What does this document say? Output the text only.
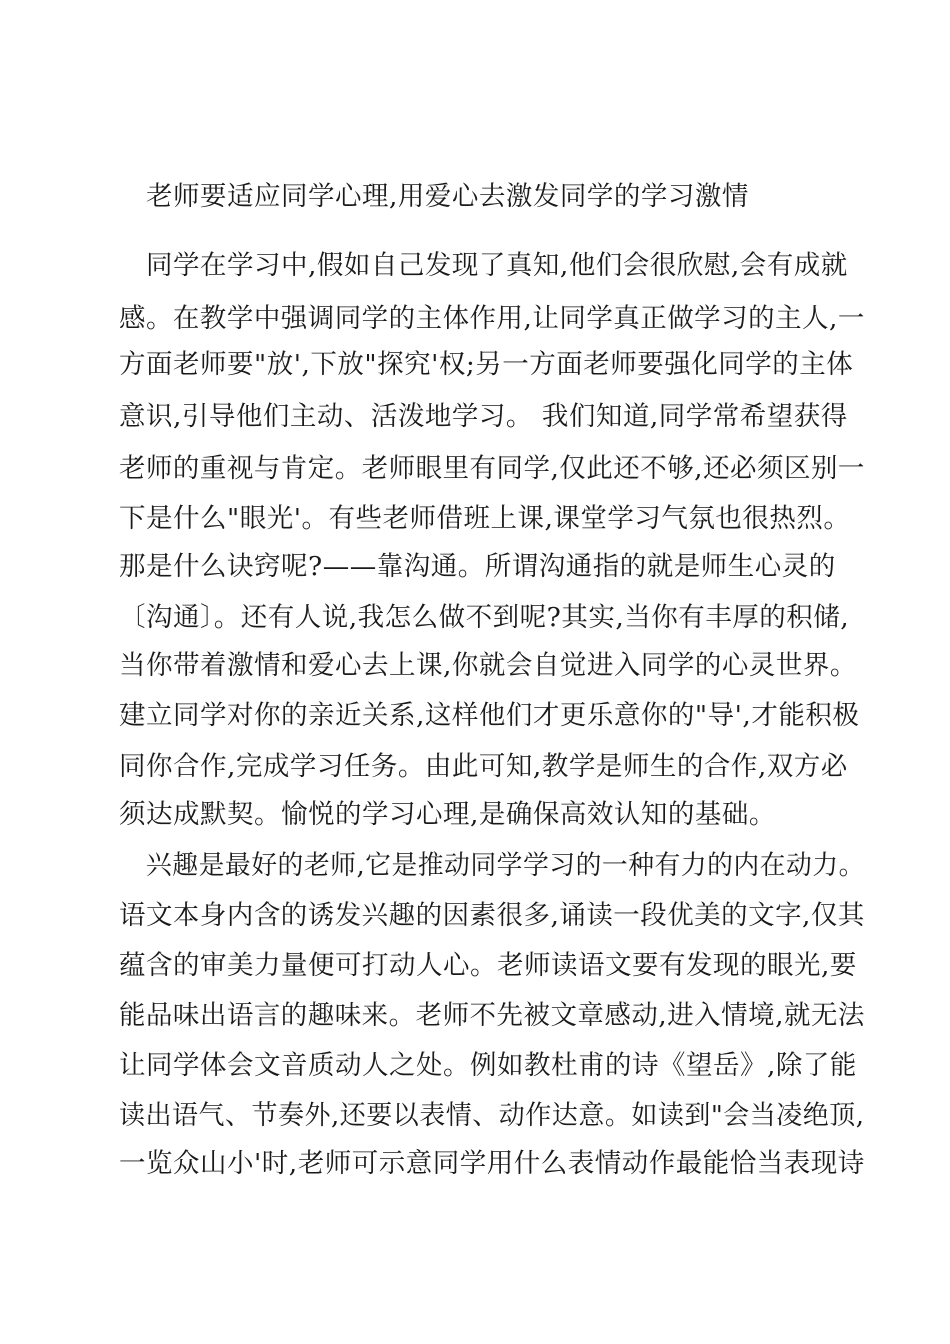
老师要适应同学心理,用爱心去激发同学的学习激情
同学在学习中,假如自己发现了真知,他们会很欣慰,会有成就
感。在教学中强调同学的主体作用,让同学真正做学习的主人,一
方面老师要"放',下放"探究'权;另一方面老师要强化同学的主体
意识,引导他们主动、活泼地学习。 我们知道,同学常希望获得
老师的重视与肯定。老师眼里有同学,仅此还不够,还必须区别一
下是什么"眼光'。有些老师借班上课,课堂学习气氛也很热烈。
那是什么诀窍呢?——靠沟通。所谓沟通指的就是师生心灵的
〔沟通〕。还有人说,我怎么做不到呢?其实,当你有丰厚的积储,
当你带着激情和爱心去上课,你就会自觉进入同学的心灵世界。
建立同学对你的亲近关系,这样他们才更乐意你的"导',才能积极
同你合作,完成学习任务。由此可知,教学是师生的合作,双方必
须达成默契。愉悦的学习心理,是确保高效认知的基础。
兴趣是最好的老师,它是推动同学学习的一种有力的内在动力。
语文本身内含的诱发兴趣的因素很多,诵读一段优美的文字,仅其
蕴含的审美力量便可打动人心。老师读语文要有发现的眼光,要
能品味出语言的趣味来。老师不先被文章感动,进入情境,就无法
让同学体会文音质动人之处。例如教杜甫的诗《望岳》,除了能
读出语气、节奏外,还要以表情、动作达意。如读到"会当凌绝顶,
一览众山小'时,老师可示意同学用什么表情动作最能恰当表现诗
